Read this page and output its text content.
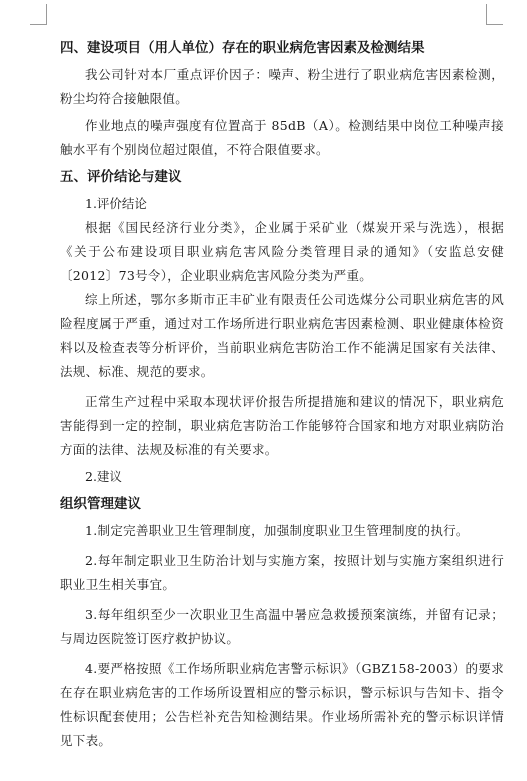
四、建设项目（用人单位）存在的职业病危害因素及检测结果

我公司针对本厂重点评价因子：噪声、粉尘进行了职业病危害因素检测，粉尘均符合接触限值。

作业地点的噪声强度有位置高于 85dB（A）。检测结果中岗位工种噪声接触水平有个别岗位超过限值，不符合限值要求。

五、评价结论与建议

1.评价结论

根据《国民经济行业分类》，企业属于采矿业（煤炭开采与洗选），根据《关于公布建设项目职业病危害风险分类管理目录的通知》（安监总安健〔2012〕73号令），企业职业病危害风险分类为严重。

综上所述，鄂尔多斯市正丰矿业有限责任公司选煤分公司职业病危害的风险程度属于严重，通过对工作场所进行职业病危害因素检测、职业健康体检资料以及检查表等分析评价，当前职业病危害防治工作不能满足国家有关法律、法规、标准、规范的要求。

正常生产过程中采取本现状评价报告所提措施和建议的情况下，职业病危害能得到一定的控制，职业病危害防治工作能够符合国家和地方对职业病防治方面的法律、法规及标准的有关要求。

2.建议

组织管理建议

1.制定完善职业卫生管理制度，加强制度职业卫生管理制度的执行。

2.每年制定职业卫生防治计划与实施方案，按照计划与实施方案组织进行职业卫生相关事宜。

3.每年组织至少一次职业卫生高温中暑应急救援预案演练，并留有记录；与周边医院签订医疗救护协议。

4.要严格按照《工作场所职业病危害警示标识》（GBZ158-2003）的要求在存在职业病危害的工作场所设置相应的警示标识，警示标识与告知卡、指令性标识配套使用；公告栏补充告知检测结果。作业场所需补充的警示标识详情见下表。
